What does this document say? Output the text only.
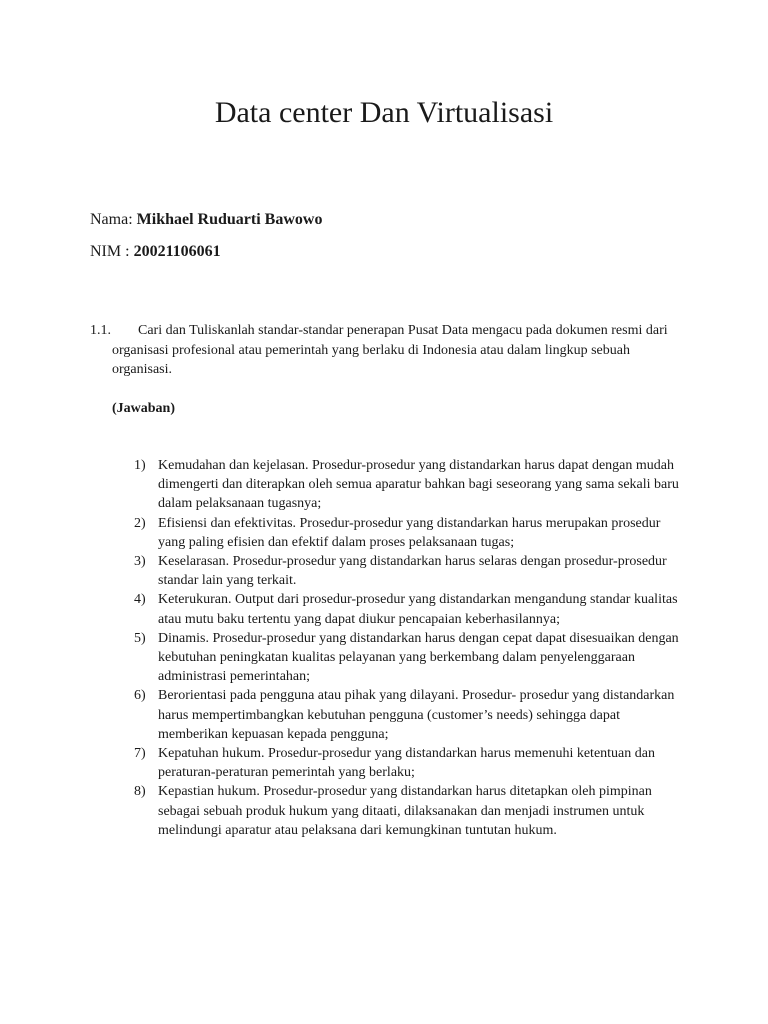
Data center Dan Virtualisasi
Nama: Mikhael Ruduarti Bawowo
NIM : 20021106061
1.1.	Cari dan Tuliskanlah standar-standar penerapan Pusat Data mengacu pada dokumen resmi dari organisasi profesional atau pemerintah yang berlaku di Indonesia atau dalam lingkup sebuah organisasi.
(Jawaban)
1) Kemudahan dan kejelasan. Prosedur-prosedur yang distandarkan harus dapat dengan mudah dimengerti dan diterapkan oleh semua aparatur bahkan bagi seseorang yang sama sekali baru dalam pelaksanaan tugasnya;
2) Efisiensi dan efektivitas. Prosedur-prosedur yang distandarkan harus merupakan prosedur yang paling efisien dan efektif dalam proses pelaksanaan tugas;
3) Keselarasan. Prosedur-prosedur yang distandarkan harus selaras dengan prosedur-prosedur standar lain yang terkait.
4) Keterukuran. Output dari prosedur-prosedur yang distandarkan mengandung standar kualitas atau mutu baku tertentu yang dapat diukur pencapaian keberhasilannya;
5) Dinamis. Prosedur-prosedur yang distandarkan harus dengan cepat dapat disesuaikan dengan kebutuhan peningkatan kualitas pelayanan yang berkembang dalam penyelenggaraan administrasi pemerintahan;
6) Berorientasi pada pengguna atau pihak yang dilayani. Prosedur- prosedur yang distandarkan harus mempertimbangkan kebutuhan pengguna (customer’s needs) sehingga dapat memberikan kepuasan kepada pengguna;
7) Kepatuhan hukum. Prosedur-prosedur yang distandarkan harus memenuhi ketentuan dan peraturan-peraturan pemerintah yang berlaku;
8) Kepastian hukum. Prosedur-prosedur yang distandarkan harus ditetapkan oleh pimpinan sebagai sebuah produk hukum yang ditaati, dilaksanakan dan menjadi instrumen untuk melindungi aparatur atau pelaksana dari kemungkinan tuntutan hukum.
